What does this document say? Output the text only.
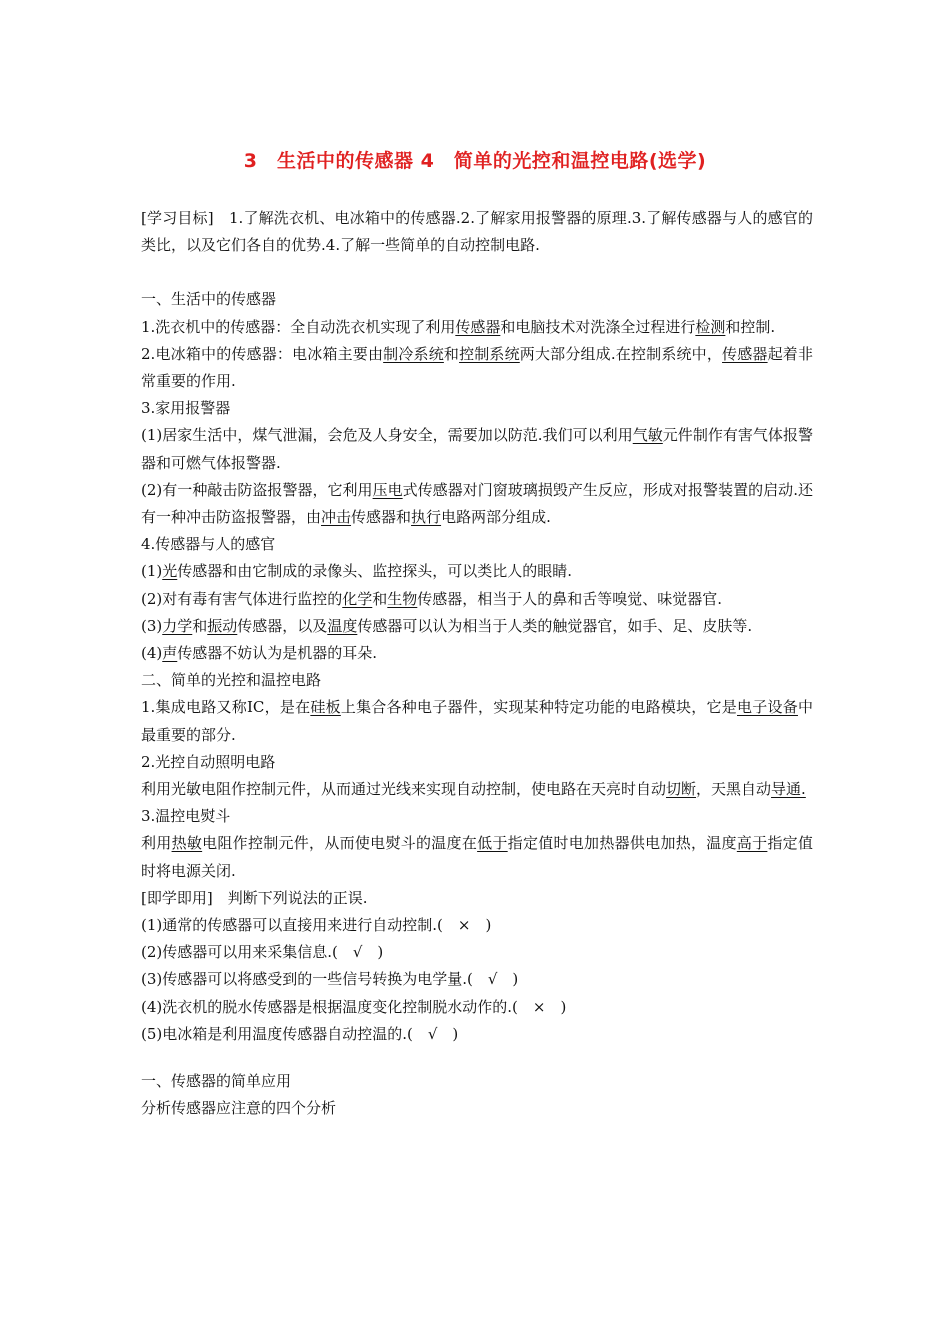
3　生活中的传感器 4　简单的光控和温控电路(选学)

[学习目标]　 1.了解洗衣机、电冰箱中的传感器.2.了解家用报警器的原理.3.了解传感器与人的感官的类比，以及它们各自的优势.4.了解一些简单的自动控制电路.

一、生活中的传感器

1.洗衣机中的传感器：全自动洗衣机实现了利用传感器和电脑技术对洗涤全过程进行检测和控制.

2.电冰箱中的传感器：电冰箱主要由制冷系统和控制系统两大部分组成.在控制系统中，传感器起着非常重要的作用.

3.家用报警器

(1)居家生活中，煤气泄漏，会危及人身安全，需要加以防范.我们可以利用气敏元件制作有害气体报警器和可燃气体报警器.

(2)有一种敲击防盗报警器，它利用压电式传感器对门窗玻璃损毁产生反应，形成对报警装置的启动.还有一种冲击防盗报警器，由冲击传感器和执行电路两部分组成.

4.传感器与人的感官

(1)光传感器和由它制成的录像头、监控探头，可以类比人的眼睛.

(2)对有毒有害气体进行监控的化学和生物传感器，相当于人的鼻和舌等嗅觉、味觉器官.

(3)力学和振动传感器，以及温度传感器可以认为相当于人类的触觉器官，如手、足、皮肤等.

(4)声传感器不妨认为是机器的耳朵.

二、简单的光控和温控电路

1.集成电路又称IC，是在硅板上集合各种电子器件，实现某种特定功能的电路模块，它是电子设备中最重要的部分.

2.光控自动照明电路

利用光敏电阻作控制元件，从而通过光线来实现自动控制，使电路在天亮时自动切断，天黑自动导通.

3.温控电熨斗

利用热敏电阻作控制元件，从而使电熨斗的温度在低于指定值时电加热器供电加热，温度高于指定值时将电源关闭.

[即学即用]　 判断下列说法的正误.

(1)通常的传感器可以直接用来进行自动控制.(　×　)

(2)传感器可以用来采集信息.(　√　)

(3)传感器可以将感受到的一些信号转换为电学量.(　√　)

(4)洗衣机的脱水传感器是根据温度变化控制脱水动作的.(　×　)

(5)电冰箱是利用温度传感器自动控温的.(　√　)

一、传感器的简单应用

分析传感器应注意的四个分析
